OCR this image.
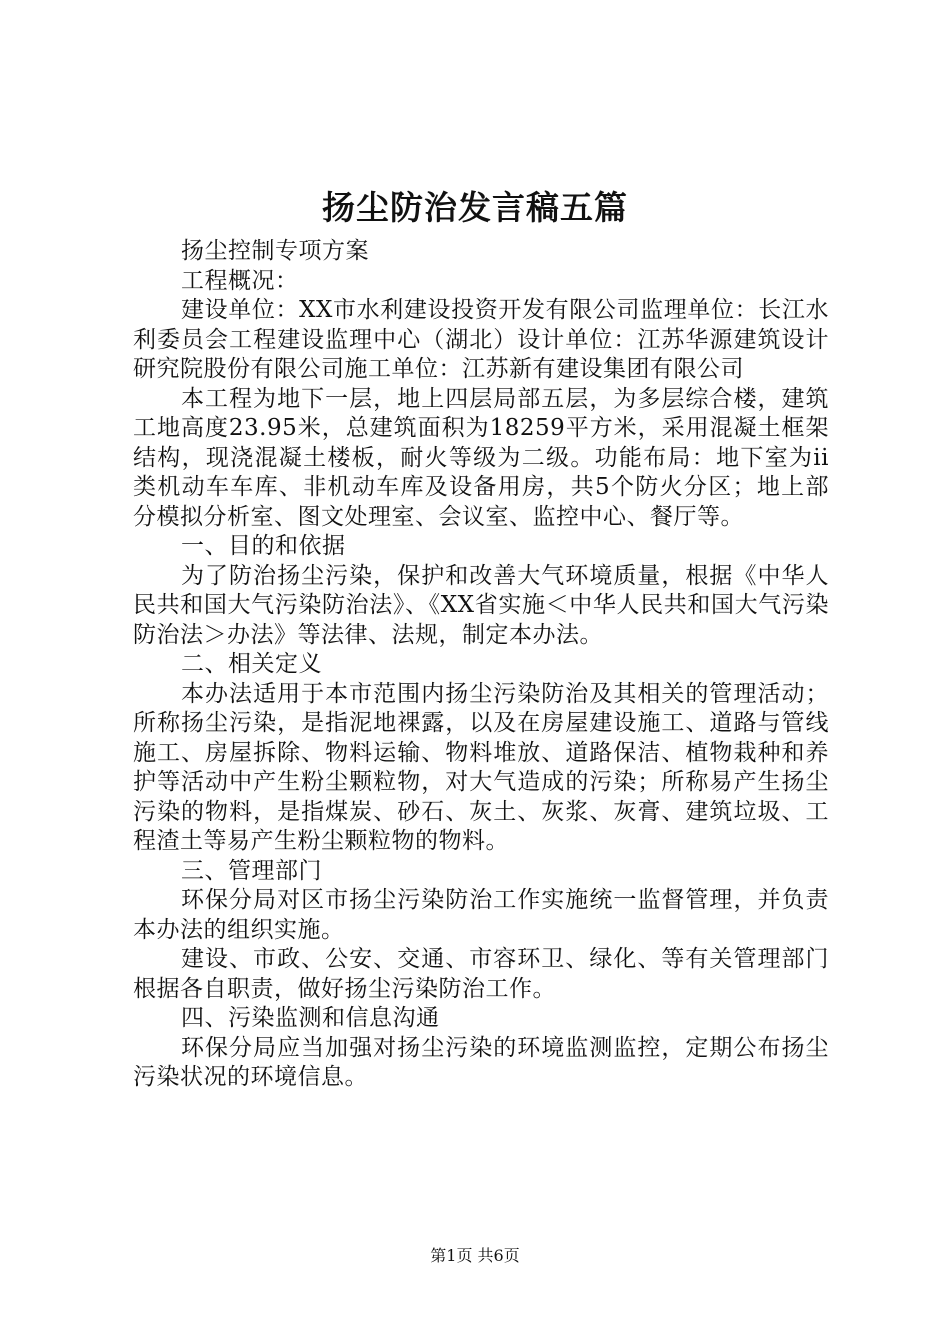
扬尘防治发言稿五篇

扬尘控制专项方案

工程概况：

建设单位：XX市水利建设投资开发有限公司监理单位：长江水利委员会工程建设监理中心（湖北）设计单位：江苏华源建筑设计研究院股份有限公司施工单位：江苏新有建设集团有限公司

本工程为地下一层，地上四层局部五层，为多层综合楼，建筑工地高度23.95米，总建筑面积为18259平方米，采用混凝土框架结构，现浇混凝土楼板，耐火等级为二级。功能布局：地下室为ii类机动车车库、非机动车库及设备用房，共5个防火分区；地上部分模拟分析室、图文处理室、会议室、监控中心、餐厅等。

一、目的和依据

为了防治扬尘污染，保护和改善大气环境质量，根据《中华人民共和国大气污染防治法》、《XX省实施＜中华人民共和国大气污染防治法＞办法》等法律、法规，制定本办法。

二、相关定义

本办法适用于本市范围内扬尘污染防治及其相关的管理活动；所称扬尘污染，是指泥地裸露，以及在房屋建设施工、道路与管线施工、房屋拆除、物料运输、物料堆放、道路保洁、植物栽种和养护等活动中产生粉尘颗粒物，对大气造成的污染；所称易产生扬尘污染的物料，是指煤炭、砂石、灰土、灰浆、灰膏、建筑垃圾、工程渣土等易产生粉尘颗粒物的物料。

三、管理部门

环保分局对区市扬尘污染防治工作实施统一监督管理，并负责本办法的组织实施。

建设、市政、公安、交通、市容环卫、绿化、等有关管理部门根据各自职责，做好扬尘污染防治工作。

四、污染监测和信息沟通

环保分局应当加强对扬尘污染的环境监测监控，定期公布扬尘污染状况的环境信息。

第1页 共6页
